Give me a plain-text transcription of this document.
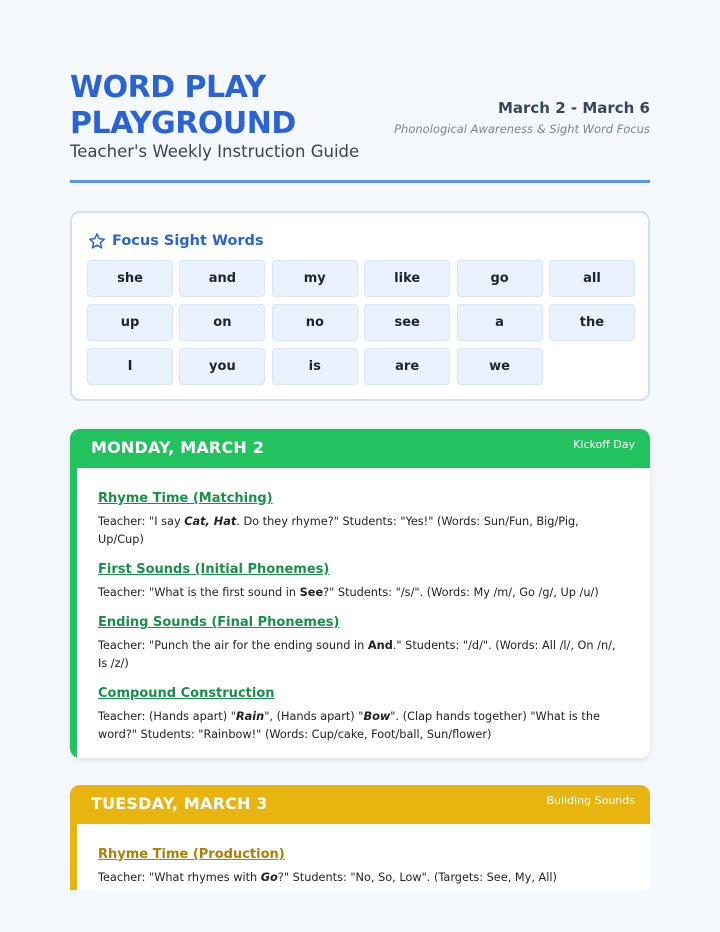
WORD PLAY
PLAYGROUND
Teacher's Weekly Instruction Guide
March 2 - March 6
Phonological Awareness & Sight Word Focus
Focus Sight Words
she	and	my	like	go	all
up	on	no	see	a	the
I	you	is	are	we
MONDAY, MARCH 2	Kickoff Day
Rhyme Time (Matching)
Teacher: "I say Cat, Hat. Do they rhyme?" Students: "Yes!" (Words: Sun/Fun, Big/Pig, Up/Cup)
First Sounds (Initial Phonemes)
Teacher: "What is the first sound in See?" Students: "/s/". (Words: My /m/, Go /g/, Up /u/)
Ending Sounds (Final Phonemes)
Teacher: "Punch the air for the ending sound in And." Students: "/d/". (Words: All /l/, On /n/, Is /z/)
Compound Construction
Teacher: (Hands apart) "Rain", (Hands apart) "Bow". (Clap hands together) "What is the word?" Students: "Rainbow!" (Words: Cup/cake, Foot/ball, Sun/flower)
TUESDAY, MARCH 3	Building Sounds
Rhyme Time (Production)
Teacher: "What rhymes with Go?" Students: "No, So, Low". (Targets: See, My, All)
